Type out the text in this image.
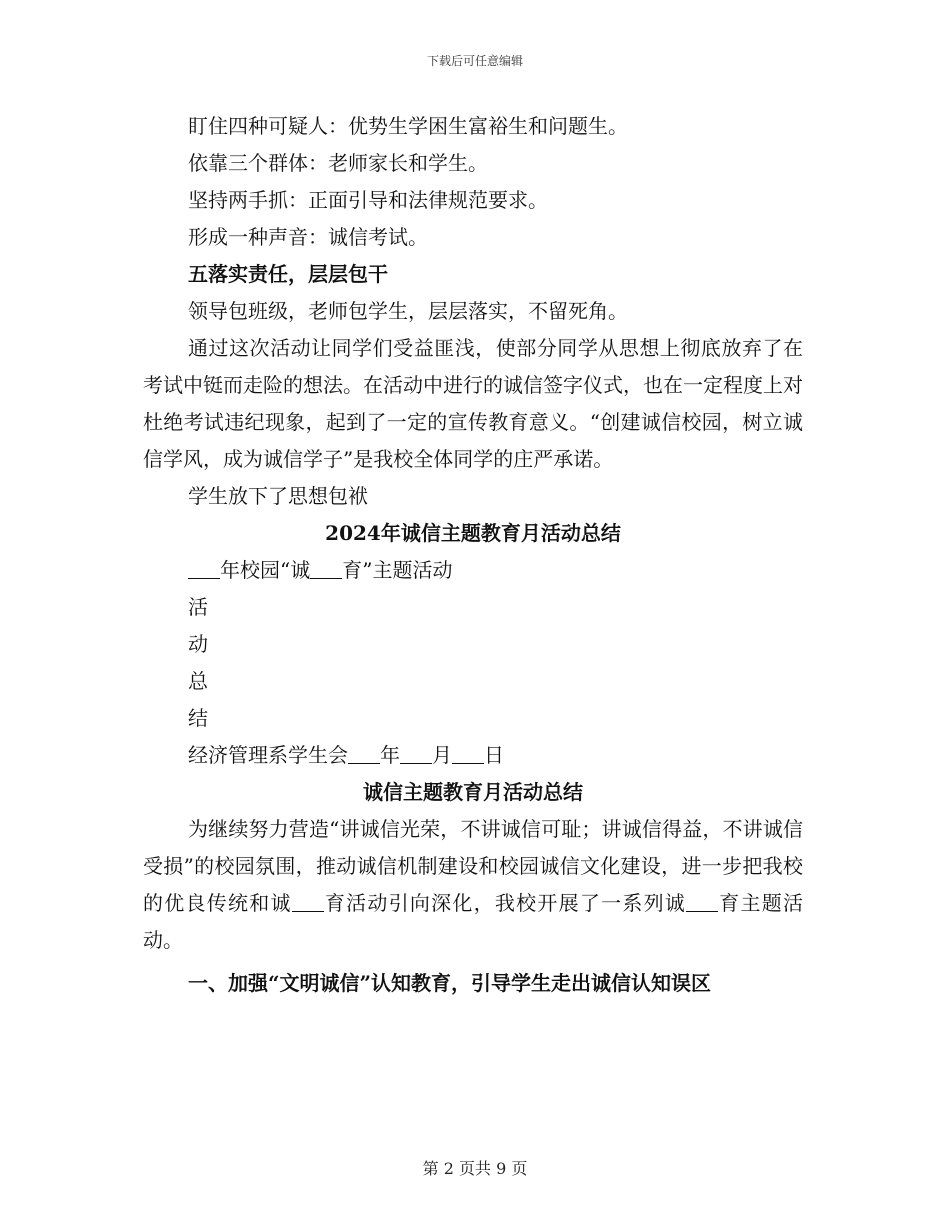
下载后可任意编辑
盯住四种可疑人：优势生学困生富裕生和问题生。
依靠三个群体：老师家长和学生。
坚持两手抓：正面引导和法律规范要求。
形成一种声音：诚信考试。
五落实责任，层层包干
领导包班级，老师包学生，层层落实，不留死角。

通过这次活动让同学们受益匪浅，使部分同学从思想上彻底放弃了在考试中铤而走险的想法。在活动中进行的诚信签字仪式，也在一定程度上对杜绝考试违纪现象，起到了一定的宣传教育意义。“创建诚信校园，树立诚信学风，成为诚信学子”是我校全体同学的庄严承诺。

学生放下了思想包袱
2024年诚信主题教育月活动总结
年校园“诚 育”主题活动
活
动
总
结
经济管理系学生会 年 月 日
诚信主题教育月活动总结

为继续努力营造“讲诚信光荣，不讲诚信可耻；讲诚信得益，不讲诚信受损”的校园氛围，推动诚信机制建设和校园诚信文化建设，进一步把我校的优良传统和诚 育活动引向深化，我校开展了一系列诚 育主题活动。

一、加强“文明诚信”认知教育，引导学生走出诚信认知误区
第 2 页共 9 页
